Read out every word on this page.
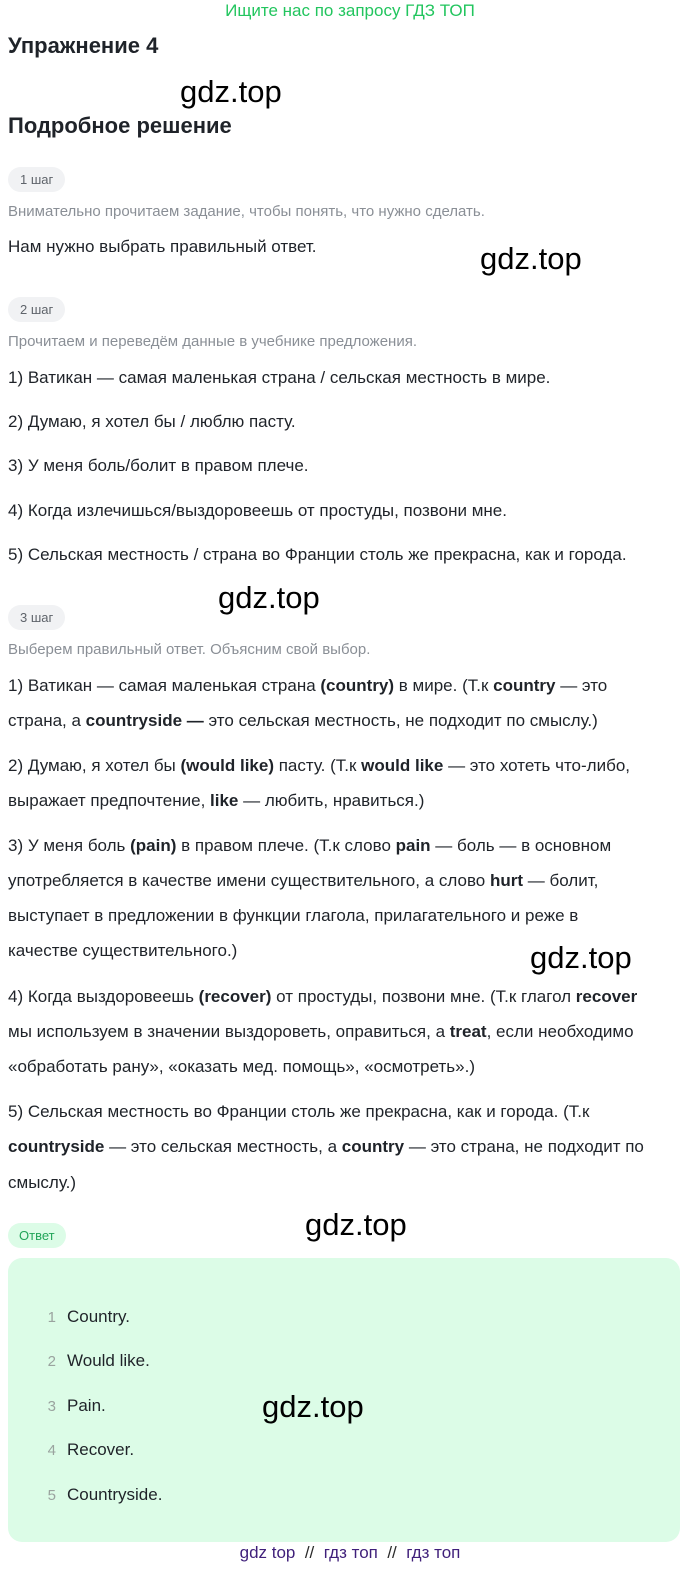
Ищите нас по запросу ГДЗ ТОП
Упражнение 4
gdz.top
Подробное решение
1 шаг
Внимательно прочитаем задание, чтобы понять, что нужно сделать.
Нам нужно выбрать правильный ответ.	gdz.top
2 шаг
Прочитаем и переведём данные в учебнике предложения.
1) Ватикан — самая маленькая страна / сельская местность в мире.
2) Думаю, я хотел бы / люблю пасту.
3) У меня боль/болит в правом плече.
4) Когда излечишься/выздоровеешь от простуды, позвони мне.
5) Сельская местность / страна во Франции столь же прекрасна, как и города.
gdz.top
3 шаг
Выберем правильный ответ. Объясним свой выбор.
1) Ватикан — самая маленькая страна (country) в мире. (Т.к country — это
страна, а countryside — это сельская местность, не подходит по смыслу.)
2) Думаю, я хотел бы (would like) пасту. (Т.к would like — это хотеть что-либо,
выражает предпочтение, like — любить, нравиться.)
3) У меня боль (pain) в правом плече. (Т.к слово pain — боль — в основном
употребляется в качестве имени существительного, а слово hurt — болит,
выступает в предложении в функции глагола, прилагательного и реже в
качестве существительного.)	gdz.top
4) Когда выздоровеешь (recover) от простуды, позвони мне. (Т.к глагол recover
мы используем в значении выздороветь, оправиться, а treat, если необходимо
«обработать рану», «оказать мед. помощь», «осмотреть».)
5) Сельская местность во Франции столь же прекрасна, как и города. (Т.к
countryside — это сельская местность, а country — это страна, не подходит по
смыслу.)
gdz.top
Ответ
1 Country.
2 Would like.
3 Pain.
4 Recover.
5 Countryside.
gdz.top
gdz top // гдз топ // гдз топ
